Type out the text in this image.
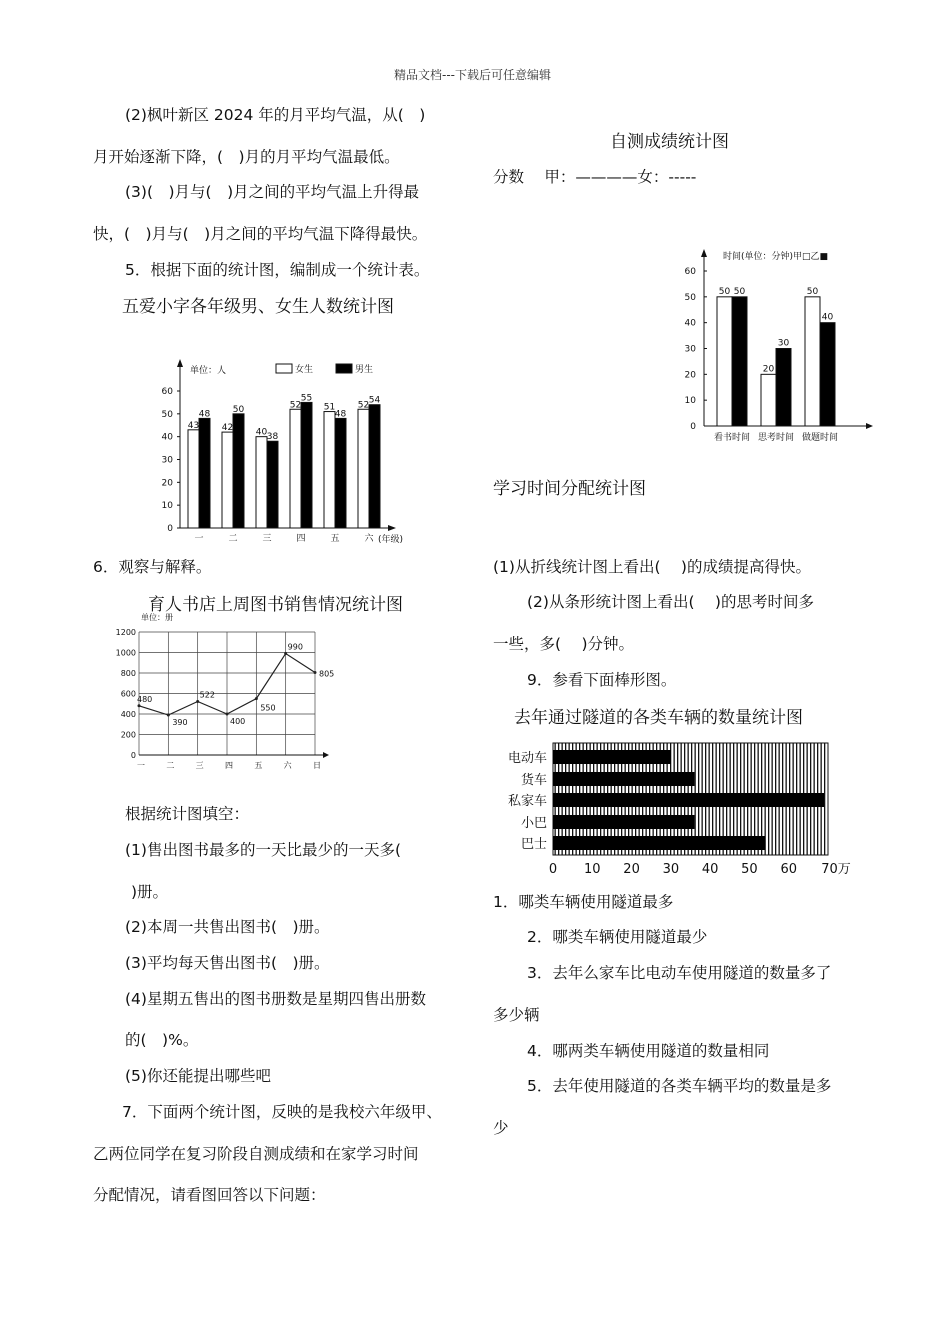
精品文档---下载后可任意编辑
(2)枫叶新区 2024 年的月平均气温，从(　)
月开始逐渐下降，(　)月的月平均气温最低。
(3)(　)月与(　)月之间的平均气温上升得最
快，(　)月与(　)月之间的平均气温下降得最快。
5．根据下面的统计图，编制成一个统计表。
五爱小字各年级男、女生人数统计图
0
10
20
30
40
50
60
单位：人	女生	男生
43
48
一
42
50
二
40 38
三
52
55
四
51
48
五
52 54
六 (年级)
6．观察与解释。
育人书店上周图书销售情况统计图
单位：册
0
200
400
600
800
1000
1200
480
390
522
400
550
990
805
一	二	三	四	五	六	日
根据统计图填空：
(1)售出图书最多的一天比最少的一天多(
)册。
(2)本周一共售出图书(　)册。
(3)平均每天售出图书(　)册。
(4)星期五售出的图书册数是星期四售出册数
的(　)%。
(5)你还能提出哪些吧
7．下面两个统计图，反映的是我校六年级甲、
乙两位同学在复习阶段自测成绩和在家学习时间
分配情况，请看图回答以下问题：
自测成绩统计图
分数　 甲：————女：-----
时间(单位：分钟)甲□乙■
0
10
20
30
40
50
60
50 50
看书时间
20
30
思考时间
50
40
做题时间
学习时间分配统计图
(1)从折线统计图上看出(　 )的成绩提高得快。
(2)从条形统计图上看出(　 )的思考时间多
一些，多(　 )分钟。
9．参看下面棒形图。
去年通过隧道的各类车辆的数量统计图
电动车
货车
私家车
小巴
巴士
0 10 20 30 40 50 60 70万
1．哪类车辆使用隧道最多
2．哪类车辆使用隧道最少
3．去年么家车比电动车使用隧道的数量多了
多少辆
4．哪两类车辆使用隧道的数量相同
5．去年使用隧道的各类车辆平均的数量是多
少
